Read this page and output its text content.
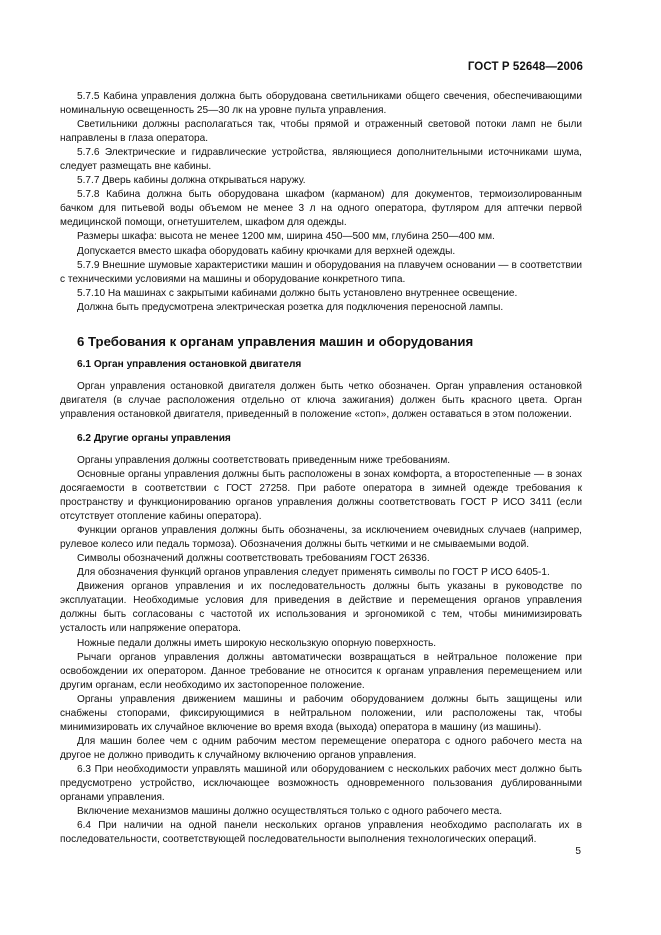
ГОСТ Р 52648—2006

5.7.5 Кабина управления должна быть оборудована светильниками общего свечения, обеспечивающими номинальную освещенность 25—30 лк на уровне пульта управления.

Светильники должны располагаться так, чтобы прямой и отраженный световой потоки ламп не были направлены в глаза оператора.

5.7.6 Электрические и гидравлические устройства, являющиеся дополнительными источниками шума, следует размещать вне кабины.

5.7.7 Дверь кабины должна открываться наружу.

5.7.8 Кабина должна быть оборудована шкафом (карманом) для документов, термоизолированным бачком для питьевой воды объемом не менее 3 л на одного оператора, футляром для аптечки первой медицинской помощи, огнетушителем, шкафом для одежды.

Размеры шкафа: высота не менее 1200 мм, ширина 450—500 мм, глубина 250—400 мм.

Допускается вместо шкафа оборудовать кабину крючками для верхней одежды.

5.7.9 Внешние шумовые характеристики машин и оборудования на плавучем основании — в соответствии с техническими условиями на машины и оборудование конкретного типа.

5.7.10 На машинах с закрытыми кабинами должно быть установлено внутреннее освещение.

Должна быть предусмотрена электрическая розетка для подключения переносной лампы.

6 Требования к органам управления машин и оборудования
6.1 Орган управления остановкой двигателя

Орган управления остановкой двигателя должен быть четко обозначен. Орган управления остановкой двигателя (в случае расположения отдельно от ключа зажигания) должен быть красного цвета. Орган управления остановкой двигателя, приведенный в положение «стоп», должен оставаться в этом положении.

6.2 Другие органы управления

Органы управления должны соответствовать приведенным ниже требованиям.

Основные органы управления должны быть расположены в зонах комфорта, а второстепенные — в зонах досягаемости в соответствии с ГОСТ 27258. При работе оператора в зимней одежде требования к пространству и функционированию органов управления должны соответствовать ГОСТ Р ИСО 3411 (если отсутствует отопление кабины оператора).

Функции органов управления должны быть обозначены, за исключением очевидных случаев (например, рулевое колесо или педаль тормоза). Обозначения должны быть четкими и не смываемыми водой.

Символы обозначений должны соответствовать требованиям ГОСТ 26336.

Для обозначения функций органов управления следует применять символы по ГОСТ Р ИСО 6405-1.

Движения органов управления и их последовательность должны быть указаны в руководстве по эксплуатации. Необходимые условия для приведения в действие и перемещения органов управления должны быть согласованы с частотой их использования и эргономикой с тем, чтобы минимизировать усталость или напряжение оператора.

Ножные педали должны иметь широкую нескользкую опорную поверхность.

Рычаги органов управления должны автоматически возвращаться в нейтральное положение при освобождении их оператором. Данное требование не относится к органам управления перемещением или другим органам, если необходимо их застопоренное положение.

Органы управления движением машины и рабочим оборудованием должны быть защищены или снабжены стопорами, фиксирующимися в нейтральном положении, или расположены так, чтобы минимизировать их случайное включение во время входа (выхода) оператора в машину (из машины).

Для машин более чем с одним рабочим местом перемещение оператора с одного рабочего места на другое не должно приводить к случайному включению органов управления.

6.3 При необходимости управлять машиной или оборудованием с нескольких рабочих мест должно быть предусмотрено устройство, исключающее возможность одновременного пользования дублированными органами управления.

Включение механизмов машины должно осуществляться только с одного рабочего места.

6.4 При наличии на одной панели нескольких органов управления необходимо располагать их в последовательности, соответствующей последовательности выполнения технологических операций.

5
